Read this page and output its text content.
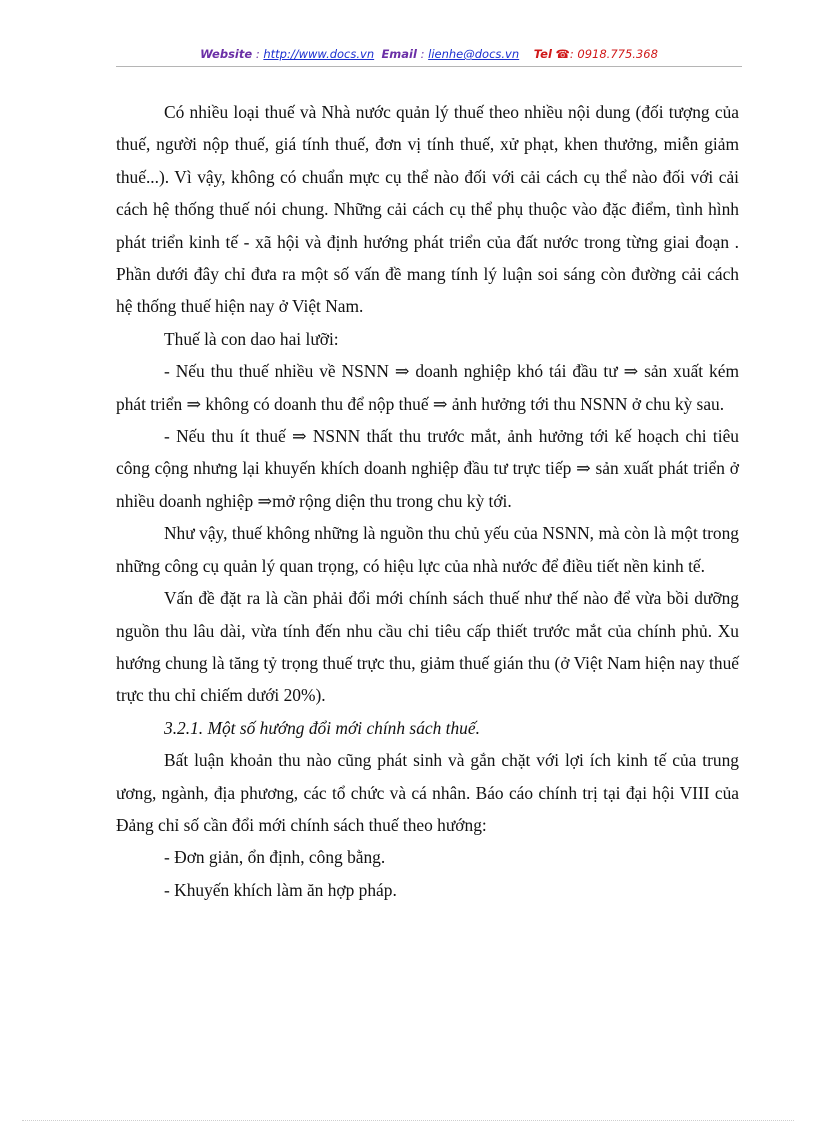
Website : http://www.docs.vn Email : lienhe@docs.vn Tel ☎: 0918.775.368

Có nhiều loại thuế và Nhà nước quản lý thuế theo nhiều nội dung (đối tượng của thuế, người nộp thuế, giá tính thuế, đơn vị tính thuế, xử phạt, khen thưởng, miễn giảm thuế...). Vì vậy, không có chuẩn mực cụ thể nào đối với cải cách cụ thể nào đối với cải cách hệ thống thuế nói chung. Những cải cách cụ thể phụ thuộc vào đặc điểm, tình hình phát triển kinh tế - xã hội và định hướng phát triển của đất nước trong từng giai đoạn . Phần dưới đây chỉ đưa ra một số vấn đề mang tính lý luận soi sáng còn đường cải cách hệ thống thuế hiện nay ở Việt Nam.

Thuế là con dao hai lưỡi:

- Nếu thu thuế nhiều về NSNN ⇒ doanh nghiệp khó tái đầu tư ⇒ sản xuất kém phát triển ⇒ không có doanh thu để nộp thuế ⇒ ảnh hưởng tới thu NSNN ở chu kỳ sau.

- Nếu thu ít thuế ⇒ NSNN thất thu trước mắt, ảnh hưởng tới kế hoạch chi tiêu công cộng nhưng lại khuyến khích doanh nghiệp đầu tư trực tiếp ⇒ sản xuất phát triển ở nhiều doanh nghiệp ⇒mở rộng diện thu trong chu kỳ tới.

Như vậy, thuế không những là nguồn thu chủ yếu của NSNN, mà còn là một trong những công cụ quản lý quan trọng, có hiệu lực của nhà nước để điều tiết nền kinh tế.

Vấn đề đặt ra là cần phải đổi mới chính sách thuế như thế nào để vừa bồi dưỡng nguồn thu lâu dài, vừa tính đến nhu cầu chi tiêu cấp thiết trước mắt của chính phủ. Xu hướng chung là tăng tỷ trọng thuế trực thu, giảm thuế gián thu (ở Việt Nam hiện nay thuế trực thu chỉ chiếm dưới 20%).

3.2.1. Một số hướng đổi mới chính sách thuế.

Bất luận khoản thu nào cũng phát sinh và gắn chặt với lợi ích kinh tế của trung ương, ngành, địa phương, các tổ chức và cá nhân. Báo cáo chính trị tại đại hội VIII của Đảng chỉ số cần đổi mới chính sách thuế theo hướng:

- Đơn giản, ổn định, công bằng.

- Khuyến khích làm ăn hợp pháp.
